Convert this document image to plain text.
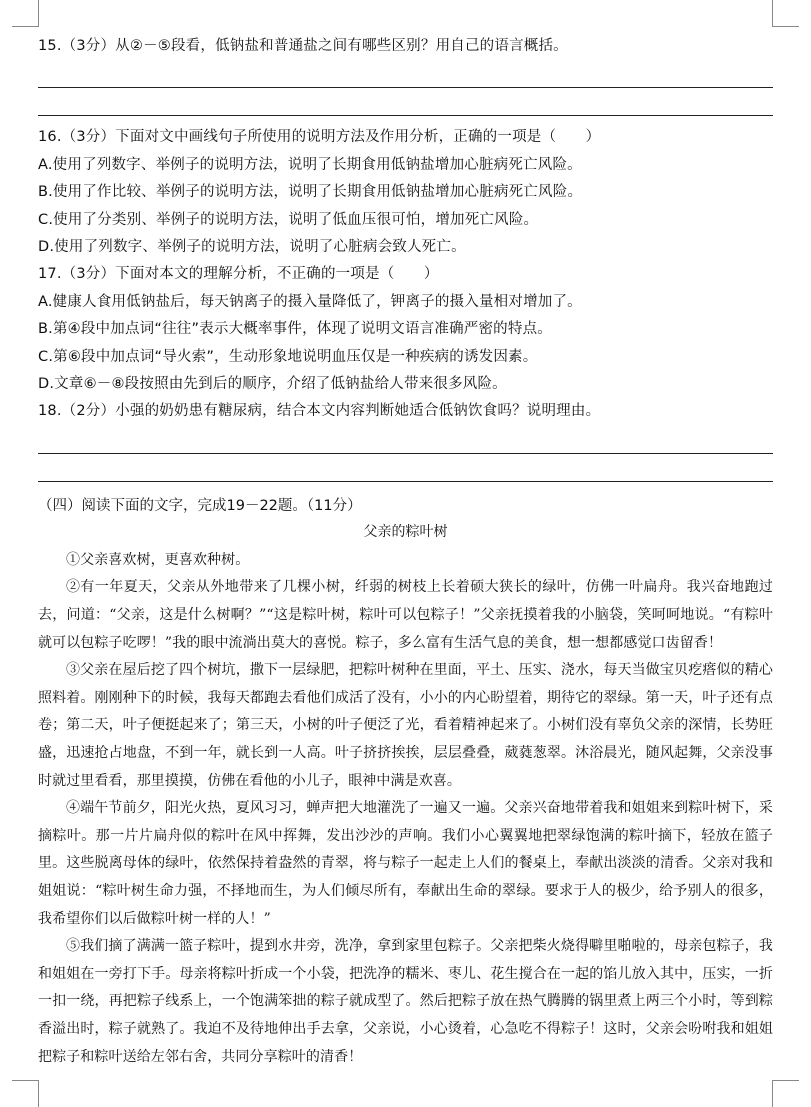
15.（3分）从②－⑤段看，低钠盐和普通盐之间有哪些区别？用自己的语言概括。
16.（3分）下面对文中画线句子所使用的说明方法及作用分析，正确的一项是（　　）
A.使用了列数字、举例子的说明方法，说明了长期食用低钠盐增加心脏病死亡风险。
B.使用了作比较、举例子的说明方法，说明了长期食用低钠盐增加心脏病死亡风险。
C.使用了分类别、举例子的说明方法，说明了低血压很可怕，增加死亡风险。
D.使用了列数字、举例子的说明方法，说明了心脏病会致人死亡。
17.（3分）下面对本文的理解分析，不正确的一项是（　　）
A.健康人食用低钠盐后，每天钠离子的摄入量降低了，钾离子的摄入量相对增加了。
B.第④段中加点词“往往”表示大概率事件，体现了说明文语言准确严密的特点。
C.第⑥段中加点词“导火索”，生动形象地说明血压仅是一种疾病的诱发因素。
D.文章⑥－⑧段按照由先到后的顺序，介绍了低钠盐给人带来很多风险。
18.（2分）小强的奶奶患有糖尿病，结合本文内容判断她适合低钠饮食吗？说明理由。
（四）阅读下面的文字，完成19－22题。（11分）
父亲的粽叶树
①父亲喜欢树，更喜欢种树。
②有一年夏天，父亲从外地带来了几棵小树，纤弱的树枝上长着硕大狭长的绿叶，仿佛一叶扁舟。我兴奋地跑过去，问道：“父亲，这是什么树啊？”“这是粽叶树，粽叶可以包粽子！”父亲抚摸着我的小脑袋，笑呵呵地说。“有粽叶就可以包粽子吃啰！”我的眼中流淌出莫大的喜悦。粽子，多么富有生活气息的美食，想一想都感觉口齿留香！
③父亲在屋后挖了四个树坑，撒下一层绿肥，把粽叶树种在里面，平土、压实、浇水，每天当做宝贝疙瘩似的精心照料着。刚刚种下的时候，我每天都跑去看他们成活了没有，小小的内心盼望着，期待它的翠绿。第一天，叶子还有点卷；第二天，叶子便挺起来了；第三天，小树的叶子便泛了光，看着精神起来了。小树们没有辜负父亲的深情，长势旺盛，迅速抢占地盘，不到一年，就长到一人高。叶子挤挤挨挨，层层叠叠，葳蕤葱翠。沐浴晨光，随风起舞，父亲没事时就过里看看，那里摸摸，仿佛在看他的小儿子，眼神中满是欢喜。
④端午节前夕，阳光火热，夏风习习，蝉声把大地灌洗了一遍又一遍。父亲兴奋地带着我和姐姐来到粽叶树下，采摘粽叶。那一片片扁舟似的粽叶在风中挥舞，发出沙沙的声响。我们小心翼翼地把翠绿饱满的粽叶摘下，轻放在篮子里。这些脱离母体的绿叶，依然保持着盎然的青翠，将与粽子一起走上人们的餐桌上，奉献出淡淡的清香。父亲对我和姐姐说：“粽叶树生命力强，不择地而生，为人们倾尽所有，奉献出生命的翠绿。要求于人的极少，给予别人的很多，我希望你们以后做粽叶树一样的人！”
⑤我们摘了满满一篮子粽叶，提到水井旁，洗净，拿到家里包粽子。父亲把柴火烧得噼里啪啦的，母亲包粽子，我和姐姐在一旁打下手。母亲将粽叶折成一个小袋，把洗净的糯米、枣儿、花生搅合在一起的馅儿放入其中，压实，一折一扣一绕，再把粽子线系上，一个饱满笨拙的粽子就成型了。然后把粽子放在热气腾腾的锅里煮上两三个小时，等到粽香溢出时，粽子就熟了。我迫不及待地伸出手去拿，父亲说，小心烫着，心急吃不得粽子！这时，父亲会吩咐我和姐姐把粽子和粽叶送给左邻右舍，共同分享粽叶的清香！
